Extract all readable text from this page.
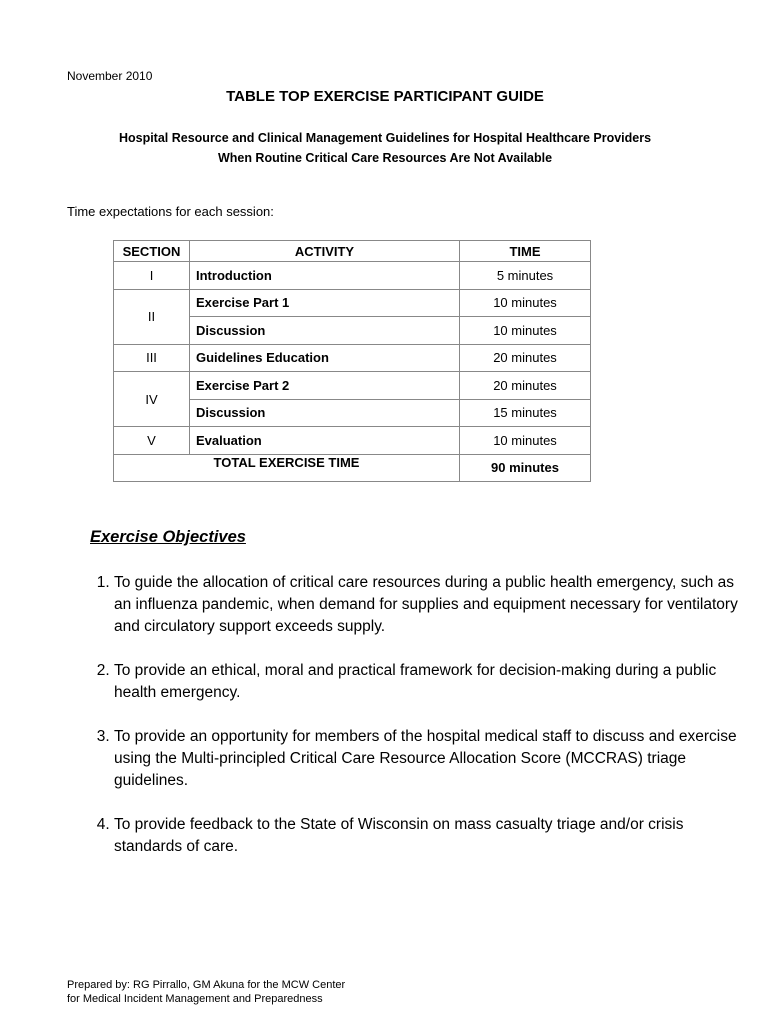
November 2010
TABLE TOP EXERCISE PARTICIPANT GUIDE
Hospital Resource and Clinical Management Guidelines for Hospital Healthcare Providers
When Routine Critical Care Resources Are Not Available
Time expectations for each session:
SECTION	ACTIVITY	TIME
I	Introduction	5 minutes
II	Exercise Part 1	10 minutes
	Discussion	10 minutes
III	Guidelines Education	20 minutes
IV	Exercise Part 2	20 minutes
	Discussion	15 minutes
V	Evaluation	10 minutes
TOTAL EXERCISE TIME		90 minutes
Exercise Objectives
1. To guide the allocation of critical care resources during a public health emergency, such as an influenza pandemic, when demand for supplies and equipment necessary for ventilatory and circulatory support exceeds supply.
2. To provide an ethical, moral and practical framework for decision-making during a public health emergency.
3. To provide an opportunity for members of the hospital medical staff to discuss and exercise using the Multi-principled Critical Care Resource Allocation Score (MCCRAS) triage guidelines.
4. To provide feedback to the State of Wisconsin on mass casualty triage and/or crisis standards of care.
Prepared by: RG Pirrallo, GM Akuna for the MCW Center
for Medical Incident Management and Preparedness
